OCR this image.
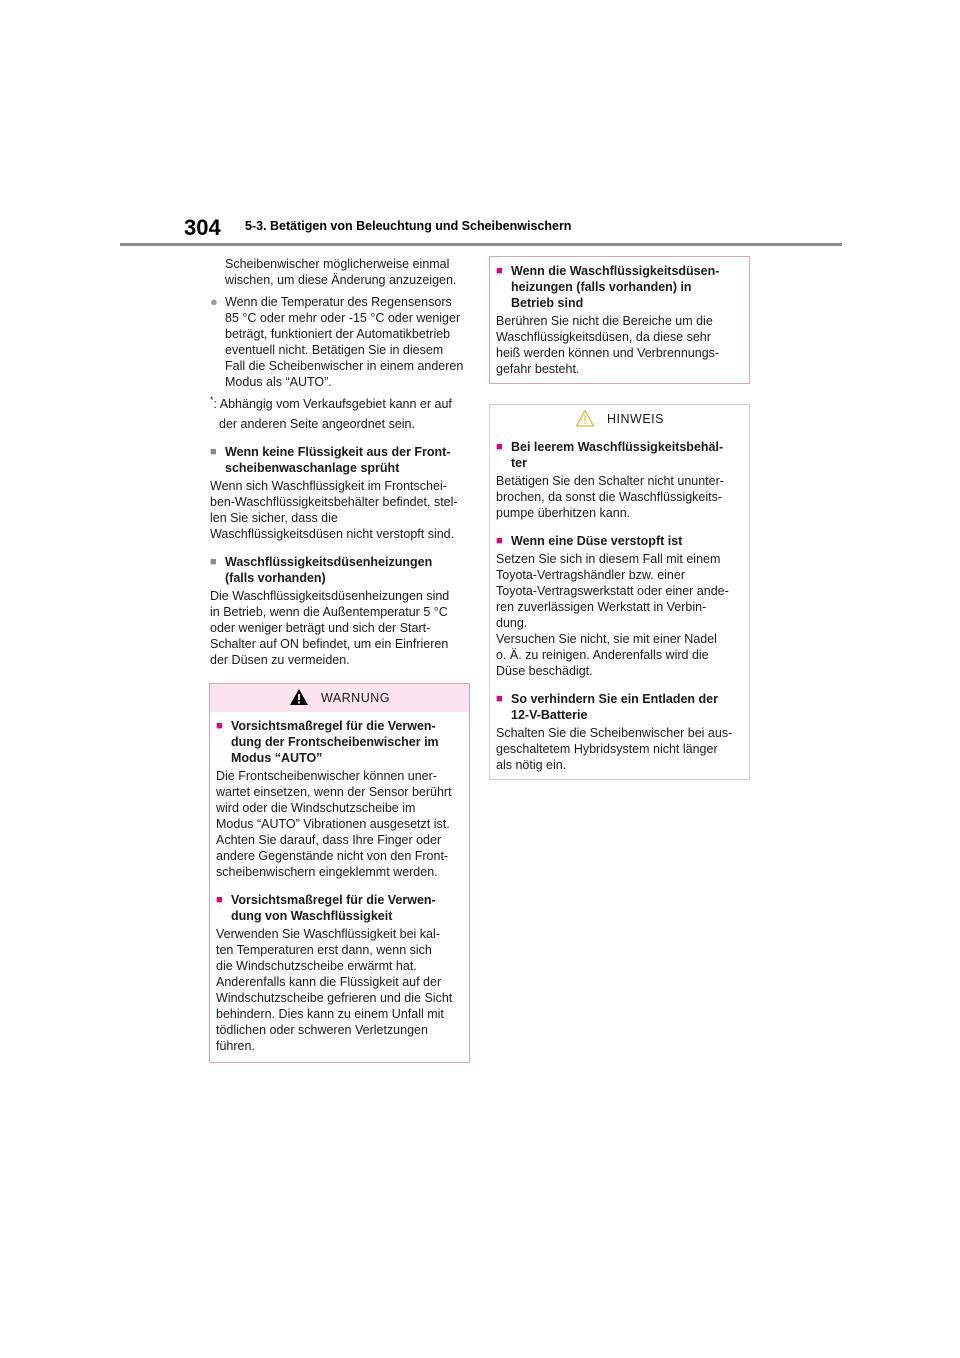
304 5-3. Betätigen von Beleuchtung und Scheibenwischern

Scheibenwischer möglicherweise einmal

wischen, um diese Änderung anzuzeigen.

● Wenn die Temperatur des Regensensors

85 °C oder mehr oder -15 °C oder weniger

beträgt, funktioniert der Automatikbetrieb

eventuell nicht. Betätigen Sie in diesem

Fall die Scheibenwischer in einem anderen

Modus als “AUTO”.

*: Abhängig vom Verkaufsgebiet kann er auf

der anderen Seite angeordnet sein.

■ Wenn keine Flüssigkeit aus der Front-

scheibenwaschanlage sprüht

Wenn sich Waschflüssigkeit im Frontschei-

ben-Waschflüssigkeitsbehälter befindet, stel-

len Sie sicher, dass die

Waschflüssigkeitsdüsen nicht verstopft sind.

■ Waschflüssigkeitsdüsenheizungen

(falls vorhanden)

Die Waschflüssigkeitsdüsenheizungen sind

in Betrieb, wenn die Außentemperatur 5 °C

oder weniger beträgt und sich der Start-

Schalter auf ON befindet, um ein Einfrieren

der Düsen zu vermeiden.

WARNUNG
■ Vorsichtsmaßregel für die Verwen-

dung der Frontscheibenwischer im

Modus “AUTO”

Die Frontscheibenwischer können uner-

wartet einsetzen, wenn der Sensor berührt

wird oder die Windschutzscheibe im

Modus “AUTO” Vibrationen ausgesetzt ist.

Achten Sie darauf, dass Ihre Finger oder

andere Gegenstände nicht von den Front-

scheibenwischern eingeklemmt werden.

■ Vorsichtsmaßregel für die Verwen-

dung von Waschflüssigkeit

Verwenden Sie Waschflüssigkeit bei kal-

ten Temperaturen erst dann, wenn sich

die Windschutzscheibe erwärmt hat.

Anderenfalls kann die Flüssigkeit auf der

Windschutzscheibe gefrieren und die Sicht

behindern. Dies kann zu einem Unfall mit

tödlichen oder schweren Verletzungen

führen.

■ Wenn die Waschflüssigkeitsdüsen-

heizungen (falls vorhanden) in

Betrieb sind

Berühren Sie nicht die Bereiche um die

Waschflüssigkeitsdüsen, da diese sehr

heiß werden können und Verbrennungs-

gefahr besteht.

HINWEIS
■ Bei leerem Waschflüssigkeitsbehäl-

ter

Betätigen Sie den Schalter nicht ununter-

brochen, da sonst die Waschflüssigkeits-

pumpe überhitzen kann.

■ Wenn eine Düse verstopft ist

Setzen Sie sich in diesem Fall mit einem

Toyota-Vertragshändler bzw. einer

Toyota-Vertragswerkstatt oder einer ande-

ren zuverlässigen Werkstatt in Verbin-

dung.

Versuchen Sie nicht, sie mit einer Nadel

o. Ä. zu reinigen. Anderenfalls wird die

Düse beschädigt.

■ So verhindern Sie ein Entladen der

12-V-Batterie

Schalten Sie die Scheibenwischer bei aus-

geschaltetem Hybridsystem nicht länger

als nötig ein.
